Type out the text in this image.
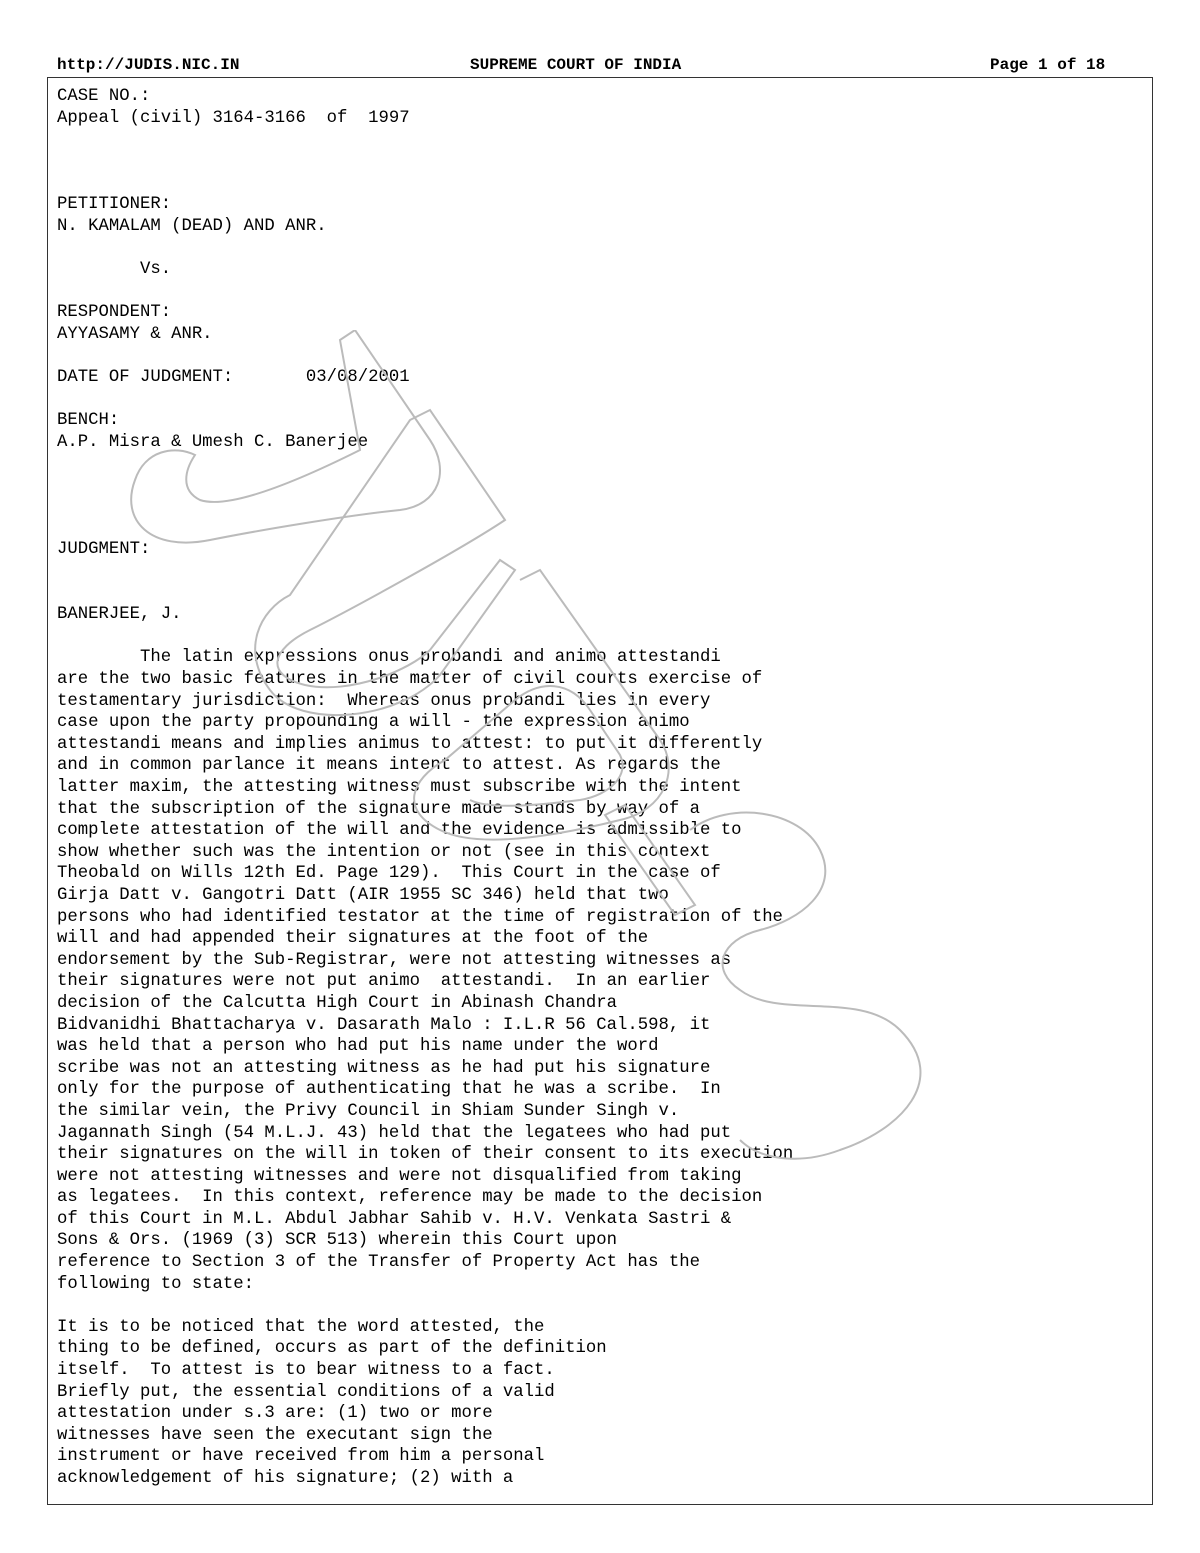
http://JUDIS.NIC.IN	SUPREME COURT OF INDIA	Page 1 of 18
CASE NO.:
Appeal (civil) 3164-3166  of  1997

PETITIONER:
N. KAMALAM (DEAD) AND ANR.

Vs.

RESPONDENT:
AYYASAMY & ANR.

DATE OF JUDGMENT:       03/08/2001

BENCH:
A.P. Misra & Umesh C. Banerjee

JUDGMENT:

BANERJEE, J.

The latin expressions onus probandi and animo attestandi
are the two basic features in the matter of civil courts exercise of
testamentary jurisdiction:  Whereas onus probandi lies in every
case upon the party propounding a will - the expression animo
attestandi means and implies animus to attest: to put it differently
and in common parlance it means intent to attest. As regards the
latter maxim, the attesting witness must subscribe with the intent
that the subscription of the signature made stands by way of a
complete attestation of the will and the evidence is admissible to
show whether such was the intention or not (see in this context
Theobald on Wills 12th Ed. Page 129).  This Court in the case of
Girja Datt v. Gangotri Datt (AIR 1955 SC 346) held that two
persons who had identified testator at the time of registration of the
will and had appended their signatures at the foot of the
endorsement by the Sub-Registrar, were not attesting witnesses as
their signatures were not put animo  attestandi.  In an earlier
decision of the Calcutta High Court in Abinash Chandra
Bidvanidhi Bhattacharya v. Dasarath Malo : I.L.R 56 Cal.598, it
was held that a person who had put his name under the word
scribe was not an attesting witness as he had put his signature
only for the purpose of authenticating that he was a scribe.  In
the similar vein, the Privy Council in Shiam Sunder Singh v.
Jagannath Singh (54 M.L.J. 43) held that the legatees who had put
their signatures on the will in token of their consent to its execution
were not attesting witnesses and were not disqualified from taking
as legatees.  In this context, reference may be made to the decision
of this Court in M.L. Abdul Jabhar Sahib v. H.V. Venkata Sastri &
Sons & Ors. (1969 (3) SCR 513) wherein this Court upon
reference to Section 3 of the Transfer of Property Act has the
following to state:

It is to be noticed that the word attested, the
thing to be defined, occurs as part of the definition
itself.  To attest is to bear witness to a fact.
Briefly put, the essential conditions of a valid
attestation under s.3 are: (1) two or more
witnesses have seen the executant sign the
instrument or have received from him a personal
acknowledgement of his signature; (2) with a
